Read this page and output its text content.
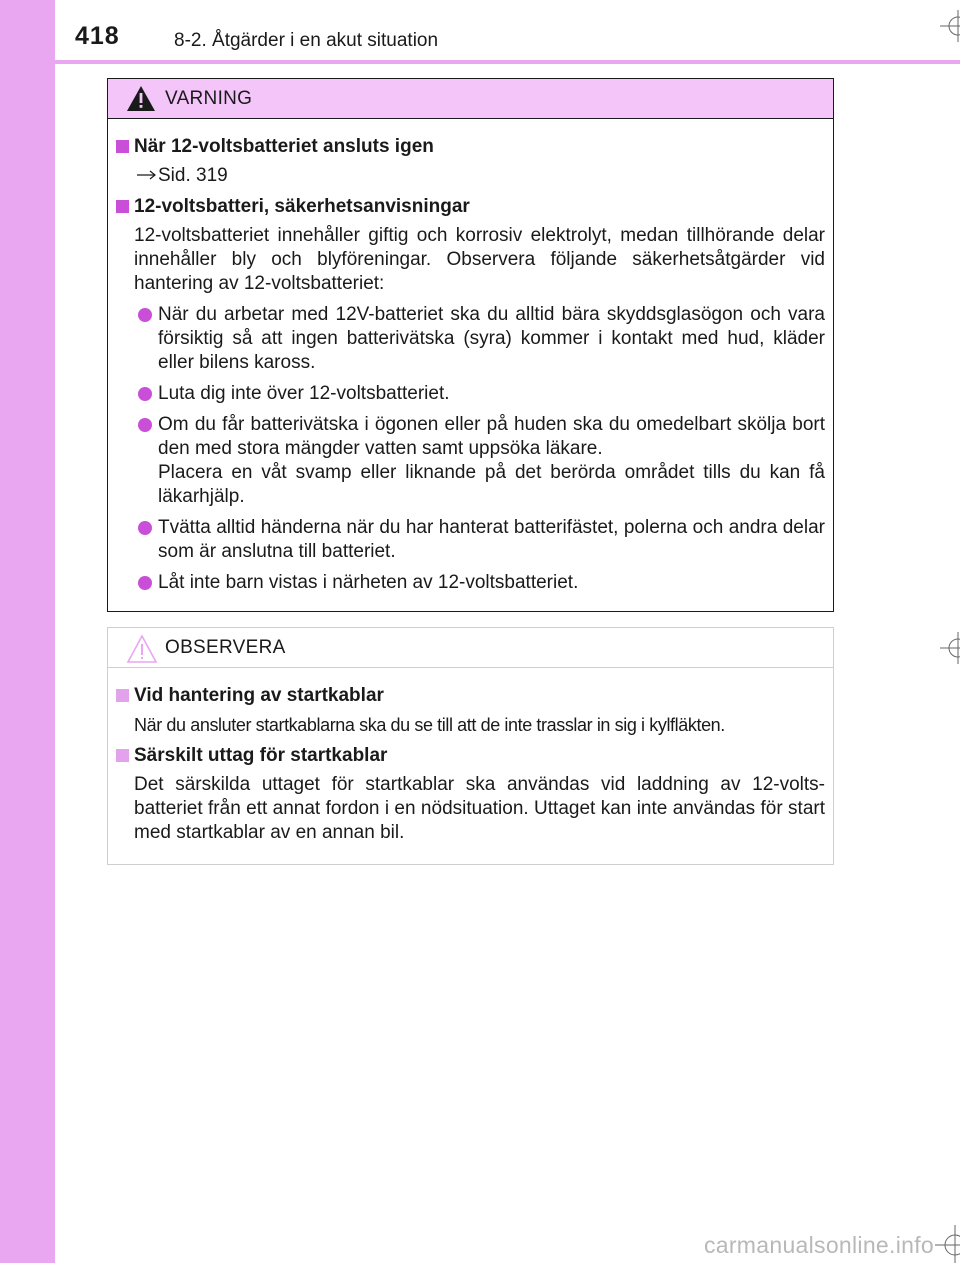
418	8-2. Åtgärder i en akut situation
VARNING
När 12-voltsbatteriet ansluts igen
Sid. 319
12-voltsbatteri, säkerhetsanvisningar
12-voltsbatteriet innehåller giftig och korrosiv elektrolyt, medan tillhörande delar innehåller bly och blyföreningar. Observera följande säkerhetsåtgärder vid hantering av 12-voltsbatteriet:
När du arbetar med 12V-batteriet ska du alltid bära skyddsglasögon och vara försiktig så att ingen batterivätska (syra) kommer i kontakt med hud, kläder eller bilens kaross.
Luta dig inte över 12-voltsbatteriet.
Om du får batterivätska i ögonen eller på huden ska du omedelbart skölja bort den med stora mängder vatten samt uppsöka läkare.
Placera en våt svamp eller liknande på det berörda området tills du kan få läkarhjälp.
Tvätta alltid händerna när du har hanterat batterifästet, polerna och andra delar som är anslutna till batteriet.
Låt inte barn vistas i närheten av 12-voltsbatteriet.
OBSERVERA
Vid hantering av startkablar
När du ansluter startkablarna ska du se till att de inte trasslar in sig i kylfläkten.
Särskilt uttag för startkablar
Det särskilda uttaget för startkablar ska användas vid laddning av 12-volts-batteriet från ett annat fordon i en nödsituation. Uttaget kan inte användas för start med startkablar av en annan bil.
carmanualsonline.info
